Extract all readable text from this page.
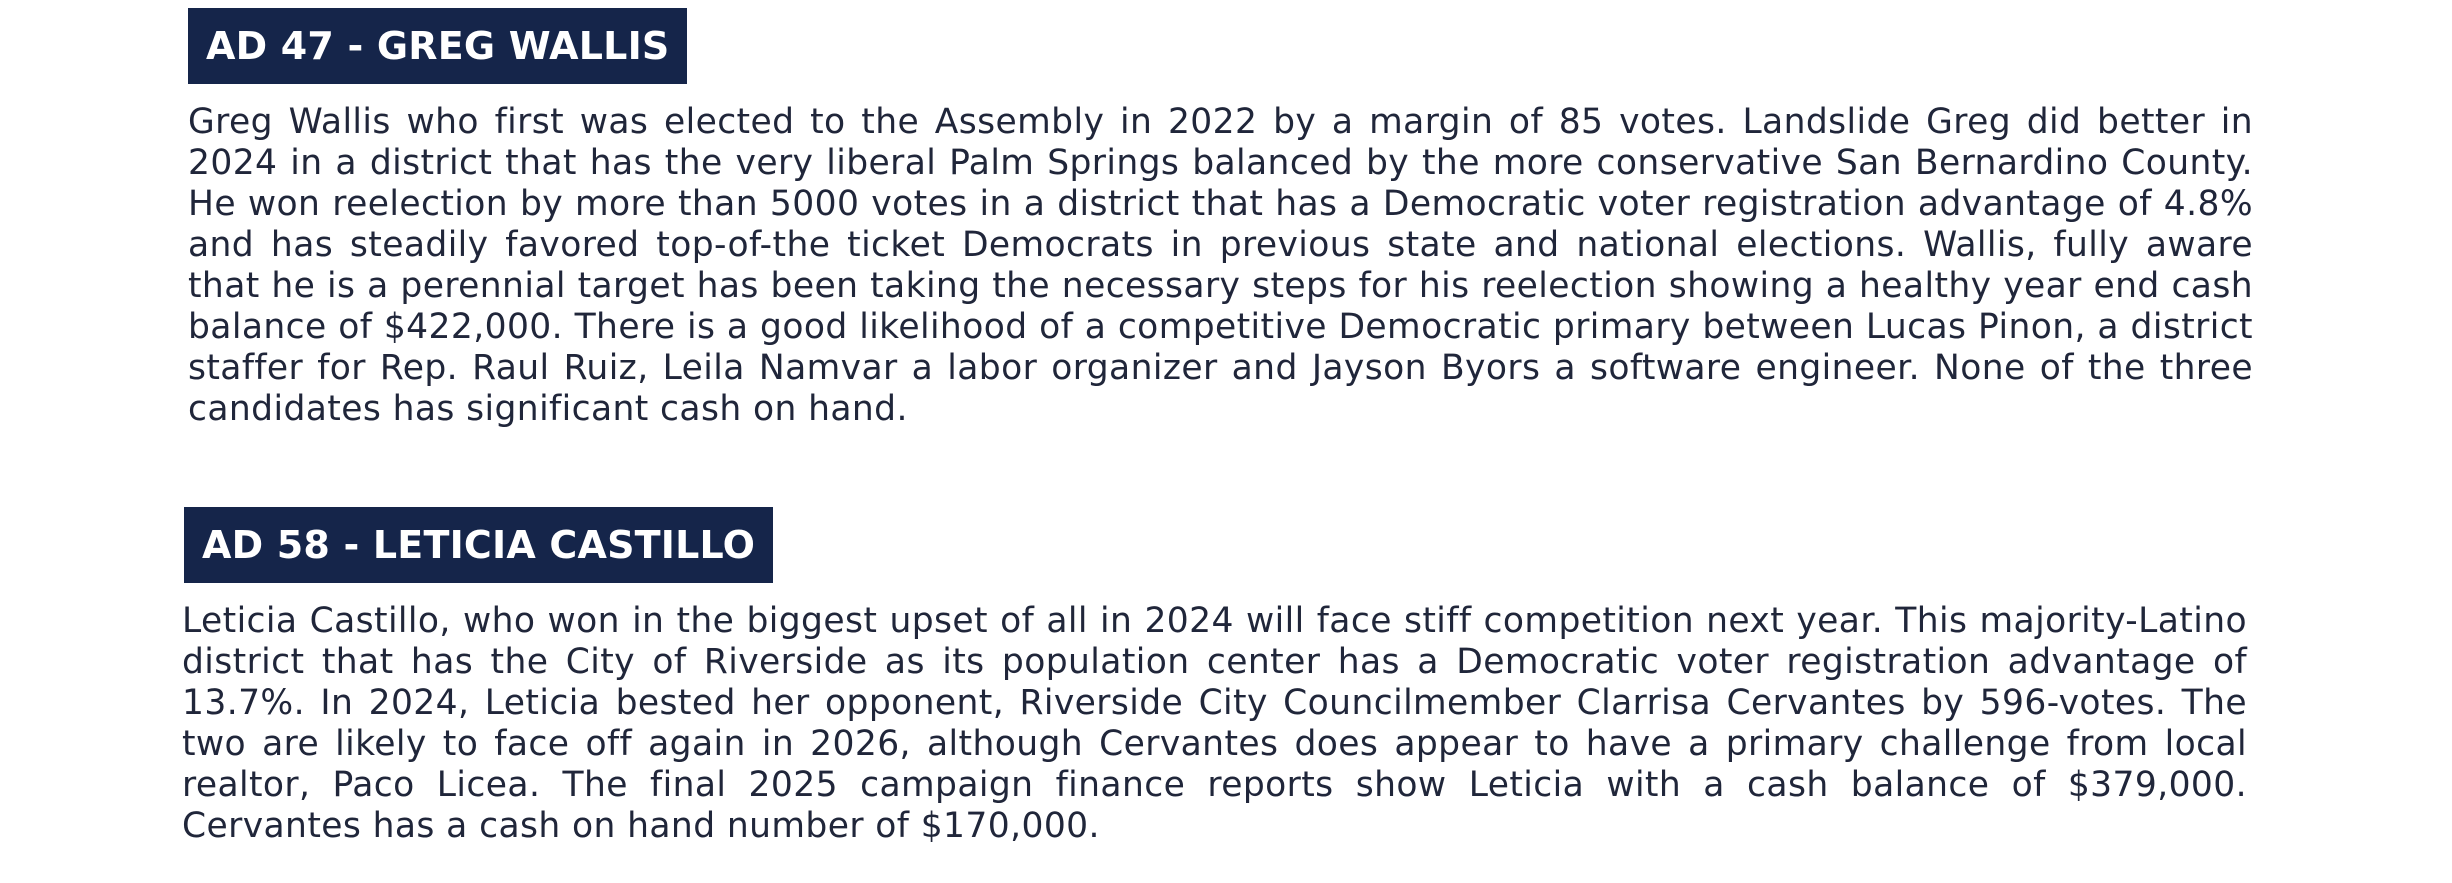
AD 47 - GREG WALLIS

Greg Wallis who first was elected to the Assembly in 2022 by a margin of 85 votes. Landslide Greg did better in 2024 in a district that has the very liberal Palm Springs balanced by the more conservative San Bernardino County. He won reelection by more than 5000 votes in a district that has a Democratic voter registration advantage of 4.8% and has steadily favored top-of-the ticket Democrats in previous state and national elections. Wallis, fully aware that he is a perennial target has been taking the necessary steps for his reelection showing a healthy year end cash balance of $422,000. There is a good likelihood of a competitive Democratic primary between Lucas Pinon, a district staffer for Rep. Raul Ruiz, Leila Namvar a labor organizer and Jayson Byors a software engineer. None of the three candidates has significant cash on hand.

AD 58 - LETICIA CASTILLO

Leticia Castillo, who won in the biggest upset of all in 2024 will face stiff competition next year. This majority-Latino district that has the City of Riverside as its population center has a Democratic voter registration advantage of 13.7%. In 2024, Leticia bested her opponent, Riverside City Councilmember Clarrisa Cervantes by 596-votes. The two are likely to face off again in 2026, although Cervantes does appear to have a primary challenge from local realtor, Paco Licea. The final 2025 campaign finance reports show Leticia with a cash balance of $379,000. Cervantes has a cash on hand number of $170,000.
